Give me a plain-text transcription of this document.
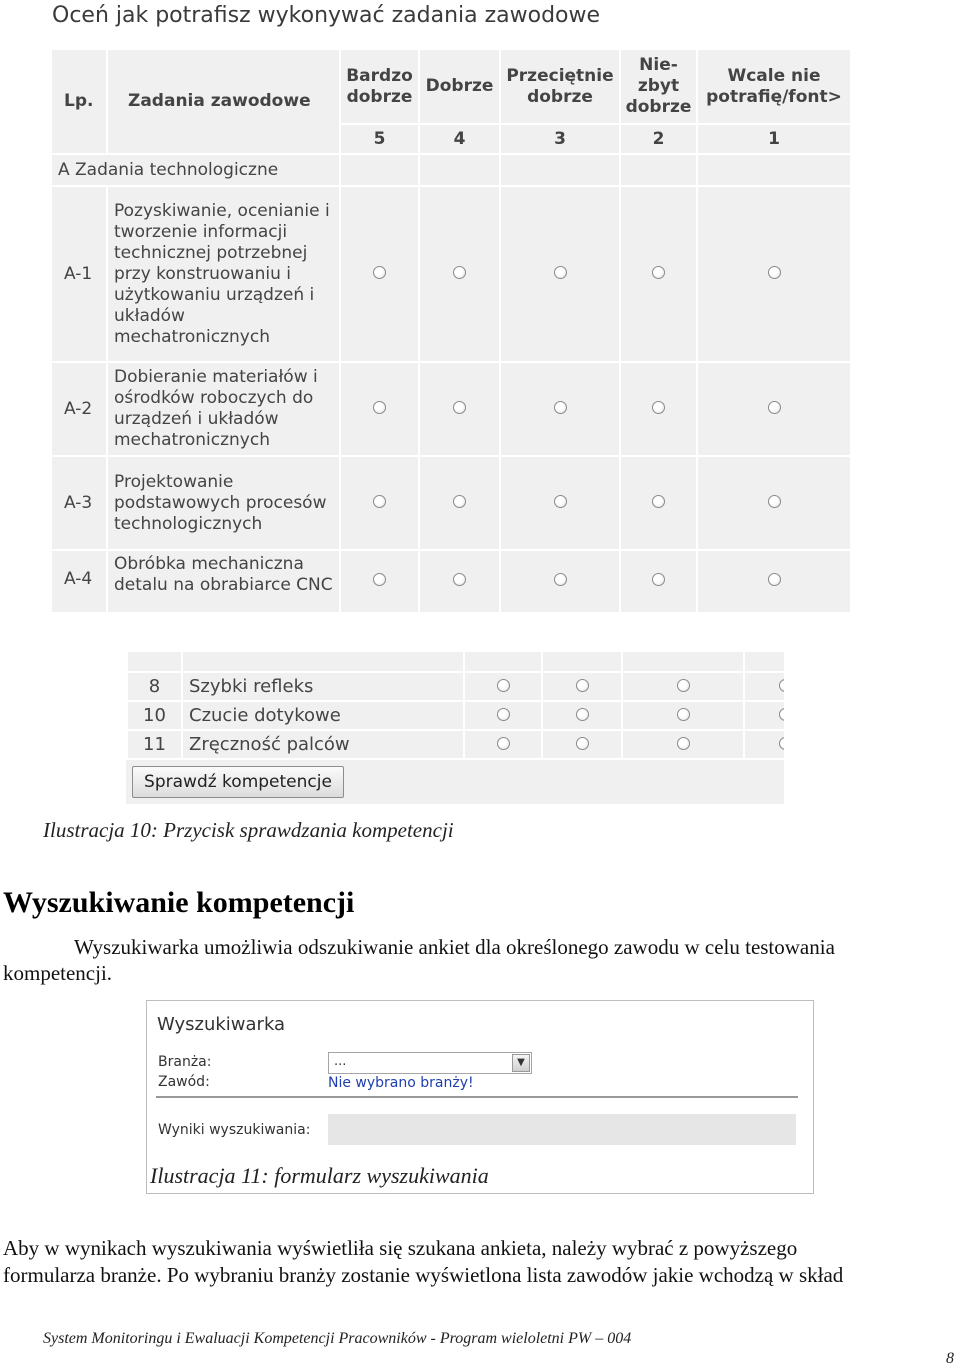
Oceń jak potrafisz wykonywać zadania zawodowe
Lp.	Zadania zawodowe	Bardzo dobrze	Dobrze	Przeciętnie dobrze	Nie-zbyt dobrze	Wcale nie potrafię/font>
		5	4	3	2	1
A Zadania technologiczne						
A-1	Pozyskiwanie, ocenianie i tworzenie informacji technicznej potrzebnej przy konstruowaniu i użytkowaniu urządzeń i układów mechatronicznych					
A-2	Dobieranie materiałów i ośrodków roboczych do urządzeń i układów mechatronicznych					
A-3	Projektowanie podstawowych procesów technologicznych					
A-4	Obróbka mechaniczna detalu na obrabiarce CNC					

8	Szybki refleks				
10	Czucie dotykowe				
11	Zręczność palców				
Sprawdź kompetencje
Ilustracja 10: Przycisk sprawdzania kompetencji
Wyszukiwanie kompetencji

Wyszukiwarka umożliwia odszukiwanie ankiet dla określonego zawodu w celu testowania

kompetencji.

Wyszukiwarka
Branża:	...	▼
Zawód:	Nie wybrano branży!
Wyniki wyszukiwania:
Ilustracja 11: formularz wyszukiwania

Aby w wynikach wyszukiwania wyświetliła się szukana ankieta, należy wybrać z powyższego

formularza branże. Po wybraniu branży zostanie wyświetlona lista zawodów jakie wchodzą w skład

System Monitoringu i Ewaluacji Kompetencji Pracowników - Program wieloletni PW – 004
8
